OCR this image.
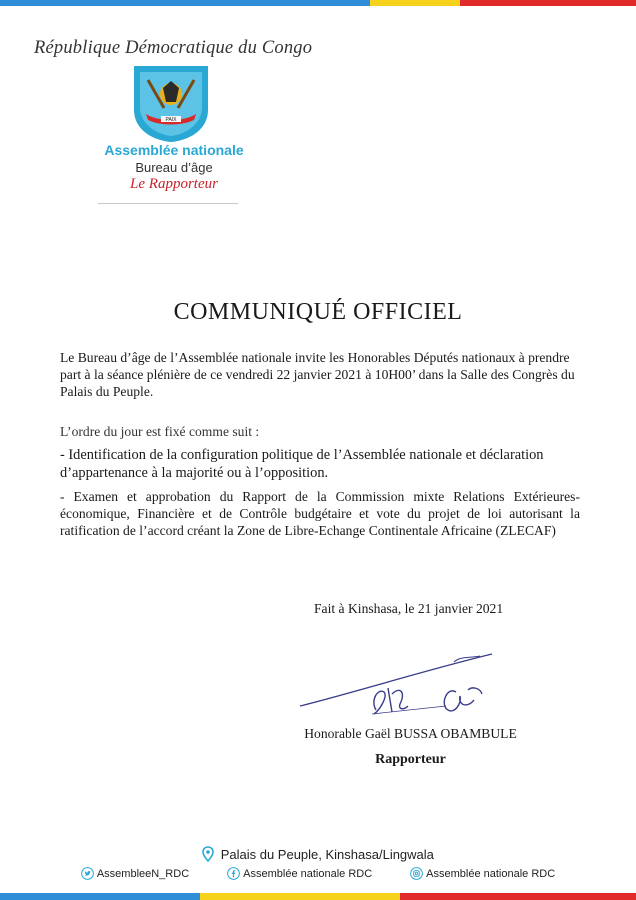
République Démocratique du Congo
PAIX
Assemblée nationale
Bureau d’âge
Le Rapporteur
COMMUNIQUÉ OFFICIEL
Le Bureau d’âge de l’Assemblée nationale invite les Honorables Députés nationaux à prendre part à la séance plénière de ce vendredi 22 janvier 2021 à 10H00’ dans la Salle des Congrès du Palais du Peuple.
L’ordre du jour est fixé comme suit :
- Identification de la configuration politique de l’Assemblée nationale et déclaration d’appartenance à la majorité ou à l’opposition.
- Examen et approbation du Rapport de la Commission mixte Relations Extérieures-économique, Financière et de Contrôle budgétaire et vote du projet de loi autorisant la ratification de l’accord créant la Zone de Libre-Echange Continentale Africaine (ZLECAF)
Fait à Kinshasa, le 21 janvier 2021
Honorable Gaël BUSSA OBAMBULE
Rapporteur
Palais du Peuple, Kinshasa/Lingwala
AssembleeN_RDC	Assemblée nationale RDC	Assemblée nationale RDC
